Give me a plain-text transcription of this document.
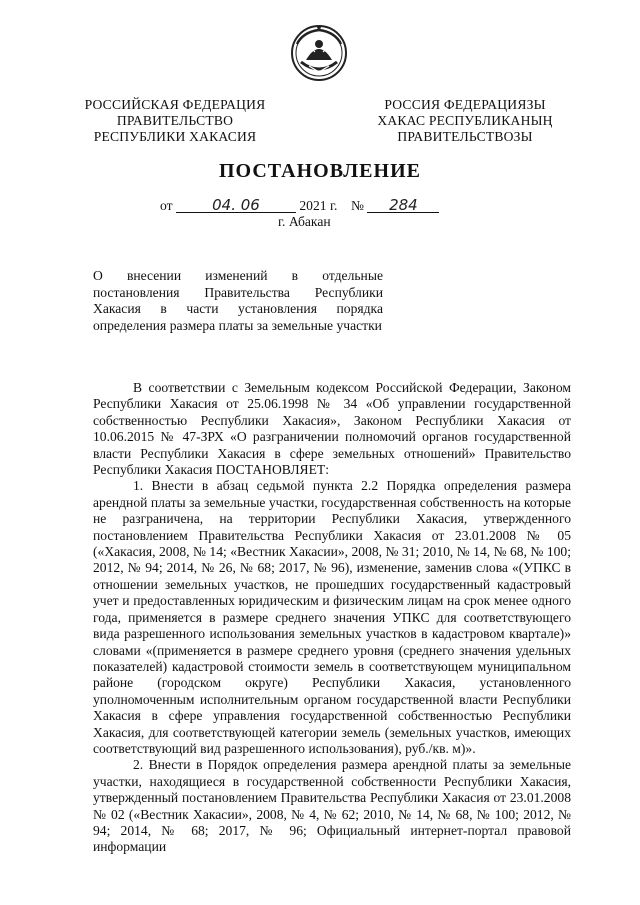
РОССИЙСКАЯ ФЕДЕРАЦИЯ
ПРАВИТЕЛЬСТВО
РЕСПУБЛИКИ ХАКАСИЯ
РОССИЯ ФЕДЕРАЦИЯЗЫ
ХАКАС РЕСПУБЛИКАНЫҢ
ПРАВИТЕЛЬСТВОЗЫ
ПОСТАНОВЛЕНИЕ
от	04. 06	2021 г. № 284
г. Абакан
О внесении изменений в отдельные постановления Правительства Республики Хакасия в части установления порядка определения размера платы за земельные участки

В соответствии с Земельным кодексом Российской Федерации, Законом Республики Хакасия от 25.06.1998 № 34 «Об управлении государственной собственностью Республики Хакасия», Законом Республики Хакасия от 10.06.2015 № 47-ЗРХ «О разграничении полномочий органов государственной власти Республики Хакасия в сфере земельных отношений» Правительство Республики Хакасия ПОСТАНОВЛЯЕТ:

1. Внести в абзац седьмой пункта 2.2 Порядка определения размера арендной платы за земельные участки, государственная собственность на которые не разграничена, на территории Республики Хакасия, утвержденного постановлением Правительства Республики Хакасия от 23.01.2008 № 05 («Хакасия, 2008, № 14; «Вестник Хакасии», 2008, № 31; 2010, № 14, № 68, № 100; 2012, № 94; 2014, № 26, № 68; 2017, № 96), изменение, заменив слова «(УПКС в отношении земельных участков, не прошедших государственный кадастровый учет и предоставленных юридическим и физическим лицам на срок менее одного года, применяется в размере среднего значения УПКС для соответствующего вида разрешенного использования земельных участков в кадастровом квартале)» словами «(применяется в размере среднего уровня (среднего значения удельных показателей) кадастровой стоимости земель в соответствующем муниципальном районе (городском округе) Республики Хакасия, установленного уполномоченным исполнительным органом государственной власти Республики Хакасия в сфере управления государственной собственностью Республики Хакасия, для соответствующей категории земель (земельных участков, имеющих соответствующий вид разрешенного использования), руб./кв. м)».

2. Внести в Порядок определения размера арендной платы за земельные участки, находящиеся в государственной собственности Республики Хакасия, утвержденный постановлением Правительства Республики Хакасия от 23.01.2008 № 02 («Вестник Хакасии», 2008, № 4, № 62; 2010, № 14, № 68, № 100; 2012, № 94; 2014, № 68; 2017, № 96; Официальный интернет-портал правовой информации
